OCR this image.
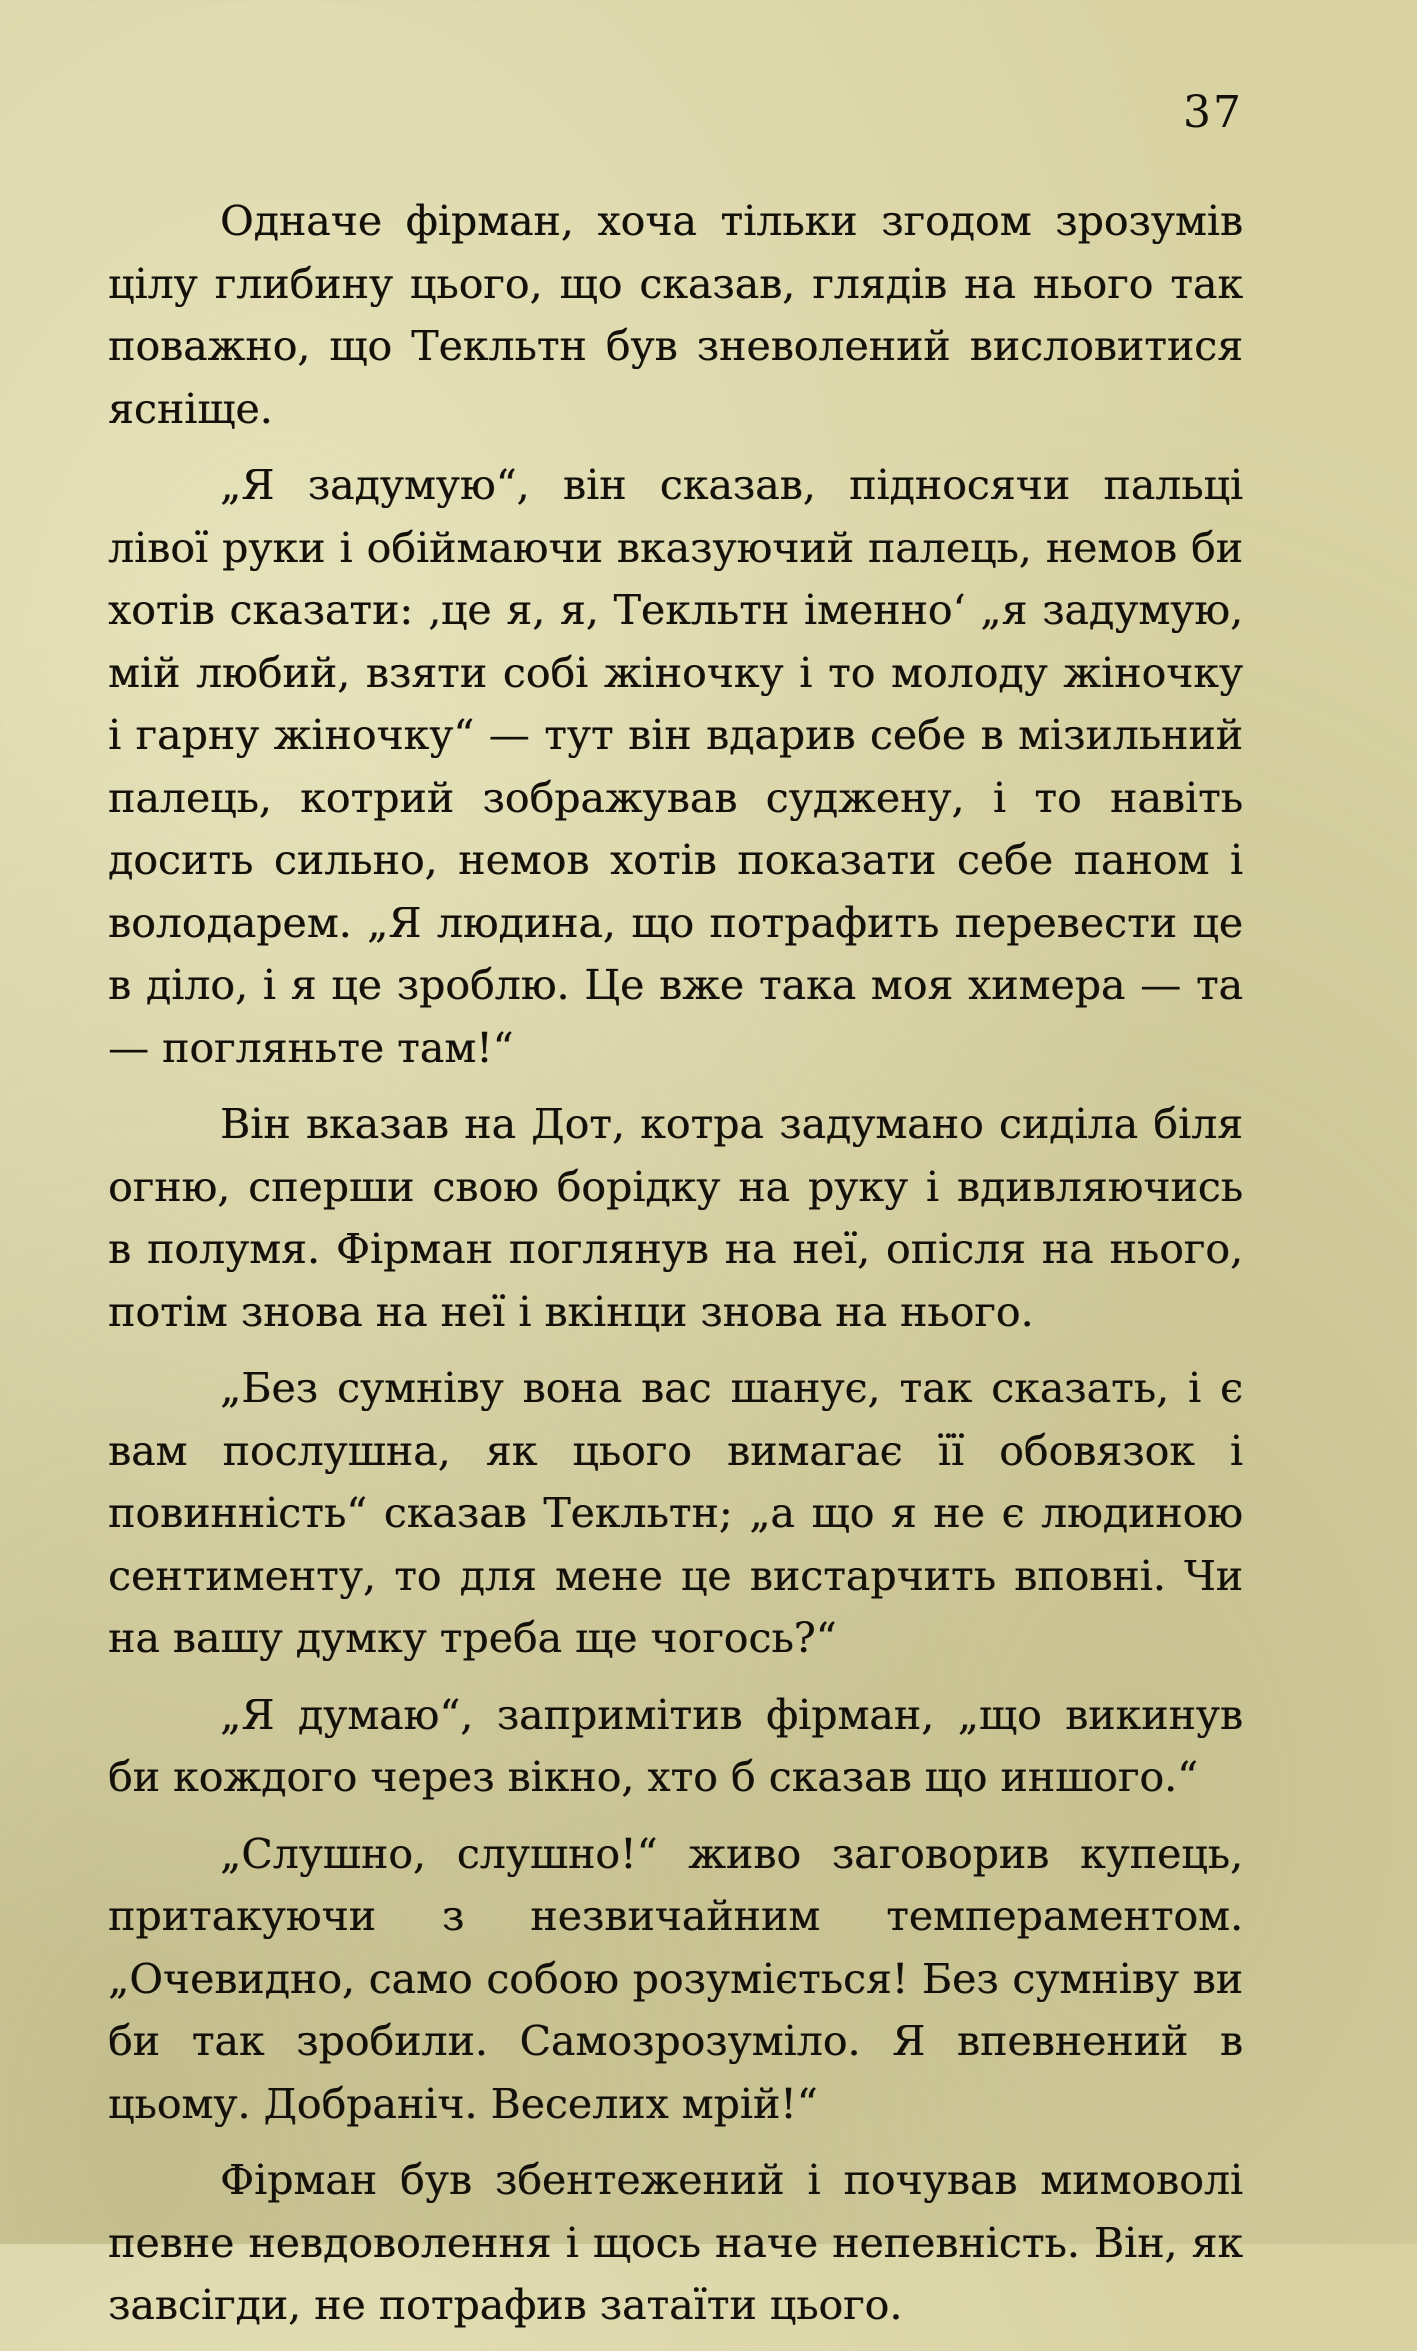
37

Одначе фірман, хоча тільки згодом зрозумів цілу глибину цього, що сказав, глядів на нього так поважно, що Текльтн був зневолений висловитися ясніще.

„Я задумую“, він сказав, підносячи пальці лівої руки і обіймаючи вказуючий палець, немов би хотів сказати: ‚це я, я, Текльтн іменно‘ „я задумую, мій любий, взяти собі жіночку і то молоду жіночку і гарну жіночку“ — тут він вдарив себе в мізильний палець, котрий зображував суджену, і то навіть досить сильно, немов хотів показати себе паном і володарем. „Я людина, що потрафить перевести це в діло, і я це зроблю. Це вже така моя химера — та — погляньте там!“

Він вказав на Дот, котра задумано сиділа біля огню, сперши свою борідку на руку і вдивляючись в полумя. Фірман поглянув на неї, опісля на нього, потім знова на неї і вкінци знова на нього.

„Без сумніву вона вас шанує, так сказать, і є вам послушна, як цього вимагає її обовязок і повинність“ сказав Текльтн; „а що я не є людиною сентименту, то для мене це вистарчить вповні. Чи на вашу думку треба ще чогось?“

„Я думаю“, запримітив фірман, „що викинув би кождого через вікно, хто б сказав що иншого.“

„Слушно, слушно!“ живо заговорив купець, притакуючи з незвичайним темпераментом. „Очевидно, само собою розуміється! Без сумніву ви би так зробили. Самозрозуміло. Я впевнений в цьому. Добраніч. Веселих мрій!“

Фірман був збентежений і почував мимоволі певне невдоволення і щось наче непевність. Він, як завсігди, не потрафив затаїти цього.
